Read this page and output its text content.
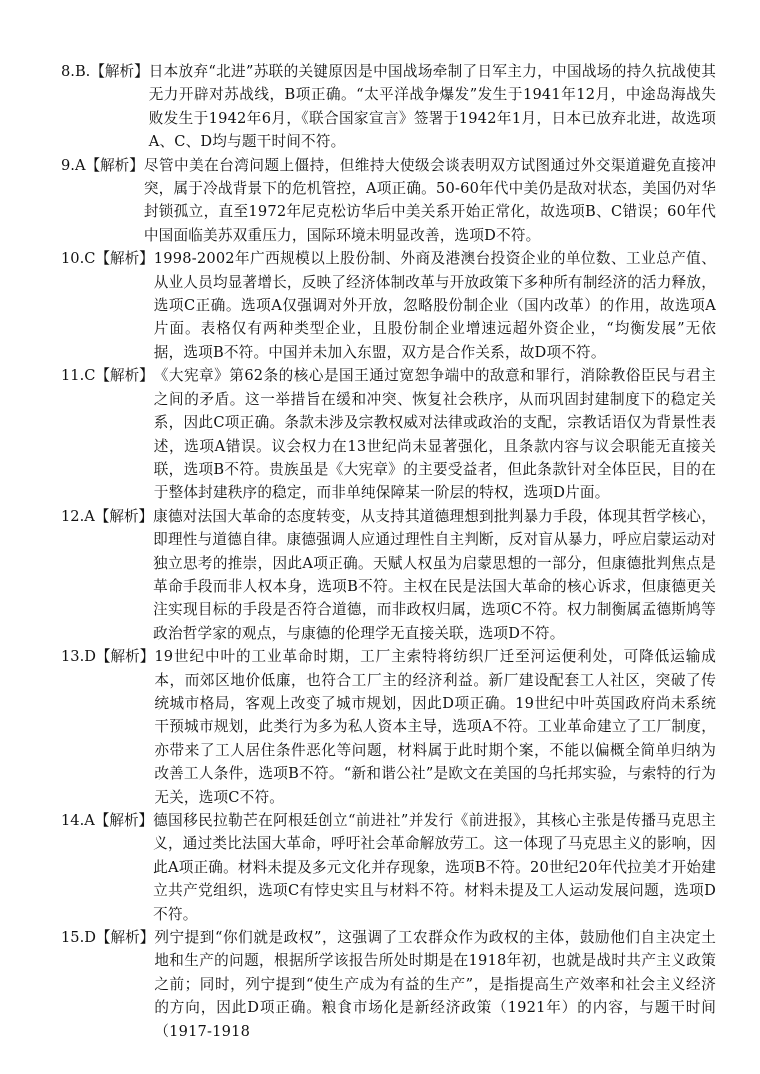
8.B.【解析】 日本放弃“北进”苏联的关键原因是中国战场牵制了日军主力，中国战场的持久抗战使其无力开辟对苏战线，B项正确。“太平洋战争爆发”发生于1941年12月，中途岛海战失败发生于1942年6月，《联合国家宣言》签署于1942年1月，日本已放弃北进，故选项A、C、D均与题干时间不符。
9.A【解析】 尽管中美在台湾问题上僵持，但维持大使级会谈表明双方试图通过外交渠道避免直接冲突，属于冷战背景下的危机管控，A项正确。50-60年代中美仍是敌对状态，美国仍对华封锁孤立，直至1972年尼克松访华后中美关系开始正常化，故选项B、C错误；60年代中国面临美苏双重压力，国际环境未明显改善，选项D不符。
10.C【解析】 1998-2002年广西规模以上股份制、外商及港澳台投资企业的单位数、工业总产值、从业人员均显著增长，反映了经济体制改革与开放政策下多种所有制经济的活力释放，选项C正确。选项A仅强调对外开放，忽略股份制企业（国内改革）的作用，故选项A片面。表格仅有两种类型企业，且股份制企业增速远超外资企业，“均衡发展”无依据，选项B不符。中国并未加入东盟，双方是合作关系，故D项不符。
11.C【解析】 《大宪章》第62条的核心是国王通过宽恕争端中的敌意和罪行，消除教俗臣民与君主之间的矛盾。这一举措旨在缓和冲突、恢复社会秩序，从而巩固封建制度下的稳定关系，因此C项正确。条款未涉及宗教权威对法律或政治的支配，宗教话语仅为背景性表述，选项A错误。议会权力在13世纪尚未显著强化，且条款内容与议会职能无直接关联，选项B不符。贵族虽是《大宪章》的主要受益者，但此条款针对全体臣民，目的在于整体封建秩序的稳定，而非单纯保障某一阶层的特权，选项D片面。
12.A【解析】 康德对法国大革命的态度转变，从支持其道德理想到批判暴力手段，体现其哲学核心，即理性与道德自律。康德强调人应通过理性自主判断，反对盲从暴力，呼应启蒙运动对独立思考的推崇，因此A项正确。天赋人权虽为启蒙思想的一部分，但康德批判焦点是革命手段而非人权本身，选项B不符。主权在民是法国大革命的核心诉求，但康德更关注实现目标的手段是否符合道德，而非政权归属，选项C不符。权力制衡属孟德斯鸠等政治哲学家的观点，与康德的伦理学无直接关联，选项D不符。
13.D【解析】 19世纪中叶的工业革命时期，工厂主索特将纺织厂迁至河运便利处，可降低运输成本，而郊区地价低廉，也符合工厂主的经济利益。新厂建设配套工人社区，突破了传统城市格局，客观上改变了城市规划，因此D项正确。19世纪中叶英国政府尚未系统干预城市规划，此类行为多为私人资本主导，选项A不符。工业革命建立了工厂制度，亦带来了工人居住条件恶化等问题，材料属于此时期个案，不能以偏概全简单归纳为改善工人条件，选项B不符。“新和谐公社”是欧文在美国的乌托邦实验，与索特的行为无关，选项C不符。
14.A【解析】 德国移民拉勒芒在阿根廷创立“前进社”并发行《前进报》，其核心主张是传播马克思主义，通过类比法国大革命，呼吁社会革命解放劳工。这一体现了马克思主义的影响，因此A项正确。材料未提及多元文化并存现象，选项B不符。20世纪20年代拉美才开始建立共产党组织，选项C有悖史实且与材料不符。材料未提及工人运动发展问题，选项D不符。
15.D【解析】 列宁提到“你们就是政权”，这强调了工农群众作为政权的主体，鼓励他们自主决定土地和生产的问题，根据所学该报告所处时期是在1918年初，也就是战时共产主义政策之前；同时，列宁提到“使生产成为有益的生产”，是指提高生产效率和社会主义经济的方向，因此D项正确。粮食市场化是新经济政策（1921年）的内容，与题干时间（1917-1918
